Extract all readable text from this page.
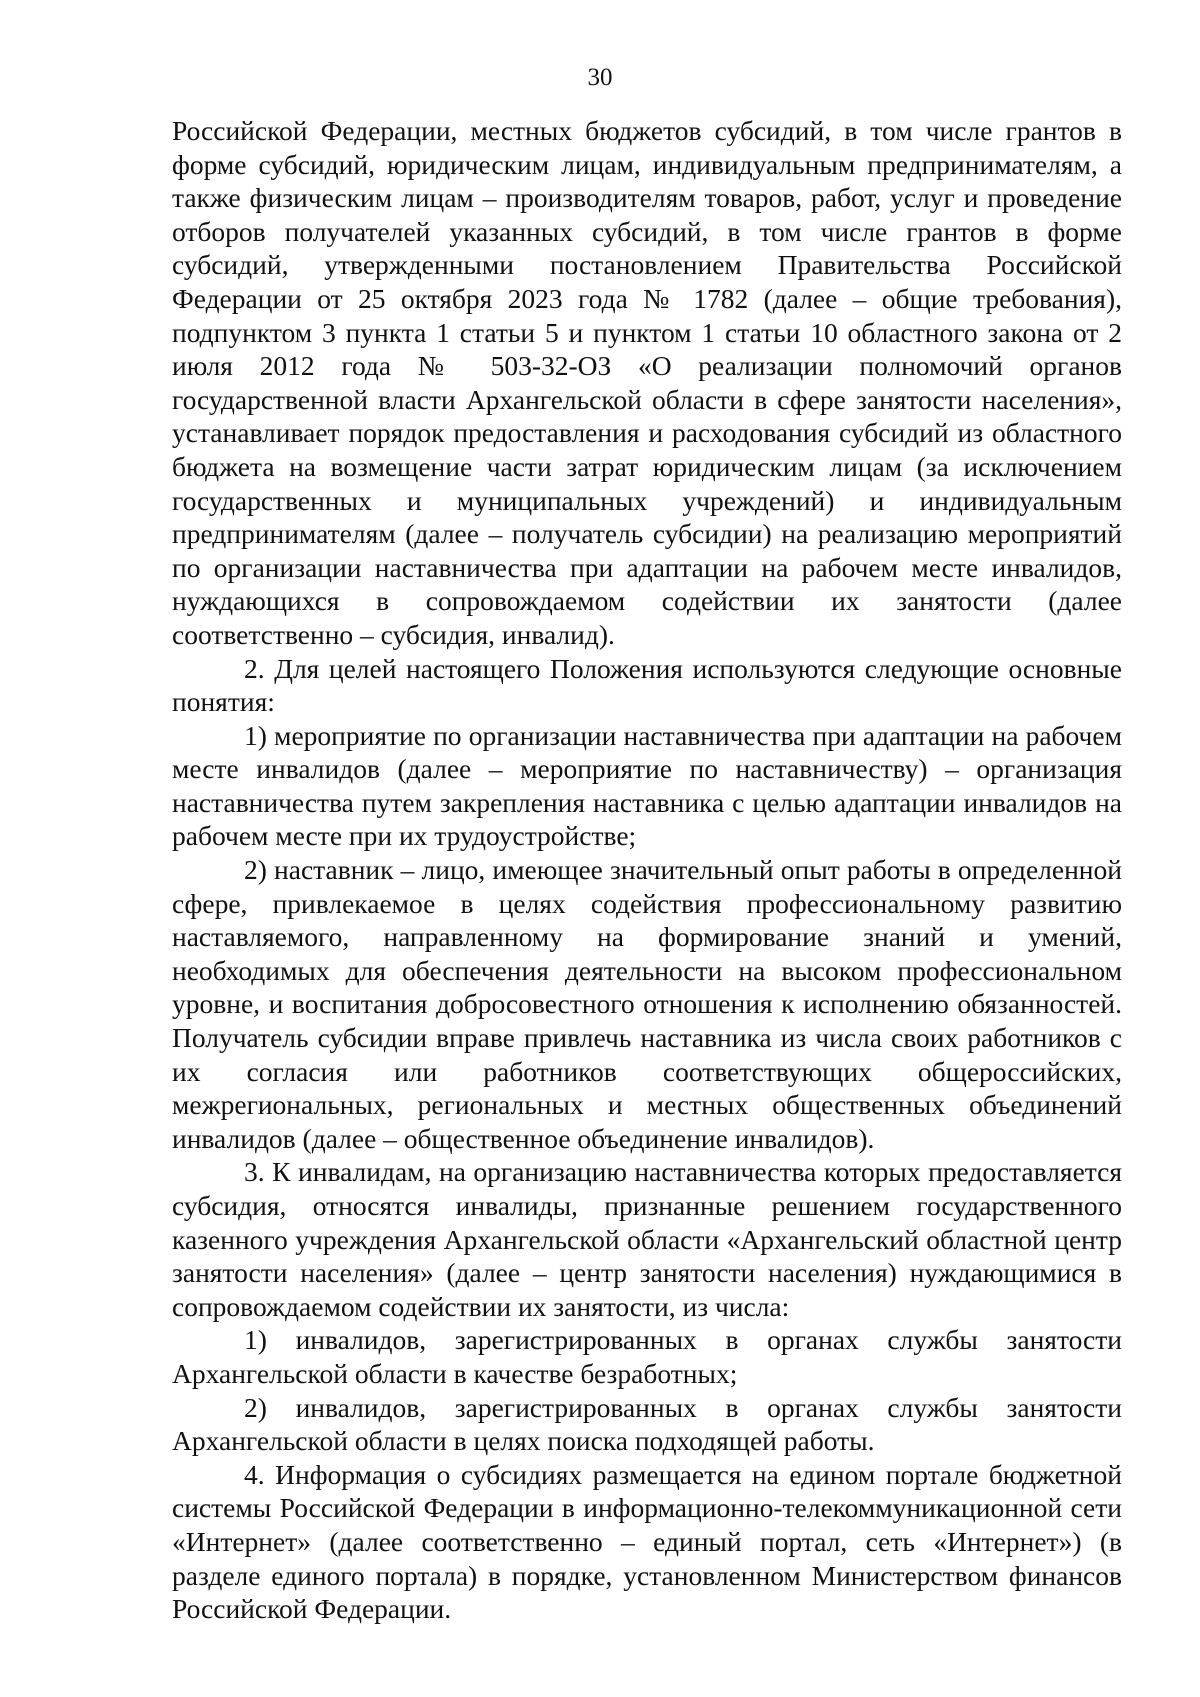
30

Российской Федерации, местных бюджетов субсидий, в том числе грантов в форме субсидий, юридическим лицам, индивидуальным предпринимателям, а также физическим лицам – производителям товаров, работ, услуг и проведение отборов получателей указанных субсидий, в том числе грантов в форме субсидий, утвержденными постановлением Правительства Российской Федерации от 25 октября 2023 года № 1782 (далее – общие требования), подпунктом 3 пункта 1 статьи 5 и пунктом 1 статьи 10 областного закона от 2 июля 2012 года № 503-32-ОЗ «О реализации полномочий органов государственной власти Архангельской области в сфере занятости населения», устанавливает порядок предоставления и расходования субсидий из областного бюджета на возмещение части затрат юридическим лицам (за исключением государственных и муниципальных учреждений) и индивидуальным предпринимателям (далее – получатель субсидии) на реализацию мероприятий по организации наставничества при адаптации на рабочем месте инвалидов, нуждающихся в сопровождаемом содействии их занятости (далее соответственно – субсидия, инвалид).

2. Для целей настоящего Положения используются следующие основные понятия:

1) мероприятие по организации наставничества при адаптации на рабочем месте инвалидов (далее – мероприятие по наставничеству) – организация наставничества путем закрепления наставника с целью адаптации инвалидов на рабочем месте при их трудоустройстве;

2) наставник – лицо, имеющее значительный опыт работы в определенной сфере, привлекаемое в целях содействия профессиональному развитию наставляемого, направленному на формирование знаний и умений, необходимых для обеспечения деятельности на высоком профессиональном уровне, и воспитания добросовестного отношения к исполнению обязанностей. Получатель субсидии вправе привлечь наставника из числа своих работников с их согласия или работников соответствующих общероссийских, межрегиональных, региональных и местных общественных объединений инвалидов (далее – общественное объединение инвалидов).

3. К инвалидам, на организацию наставничества которых предоставляется субсидия, относятся инвалиды, признанные решением государственного казенного учреждения Архангельской области «Архангельский областной центр занятости населения» (далее – центр занятости населения) нуждающимися в сопровождаемом содействии их занятости, из числа:

1) инвалидов, зарегистрированных в органах службы занятости Архангельской области в качестве безработных;

2) инвалидов, зарегистрированных в органах службы занятости Архангельской области в целях поиска подходящей работы.

4. Информация о субсидиях размещается на едином портале бюджетной системы Российской Федерации в информационно-телекоммуникационной сети «Интернет» (далее соответственно – единый портал, сеть «Интернет») (в разделе единого портала) в порядке, установленном Министерством финансов Российской Федерации.
